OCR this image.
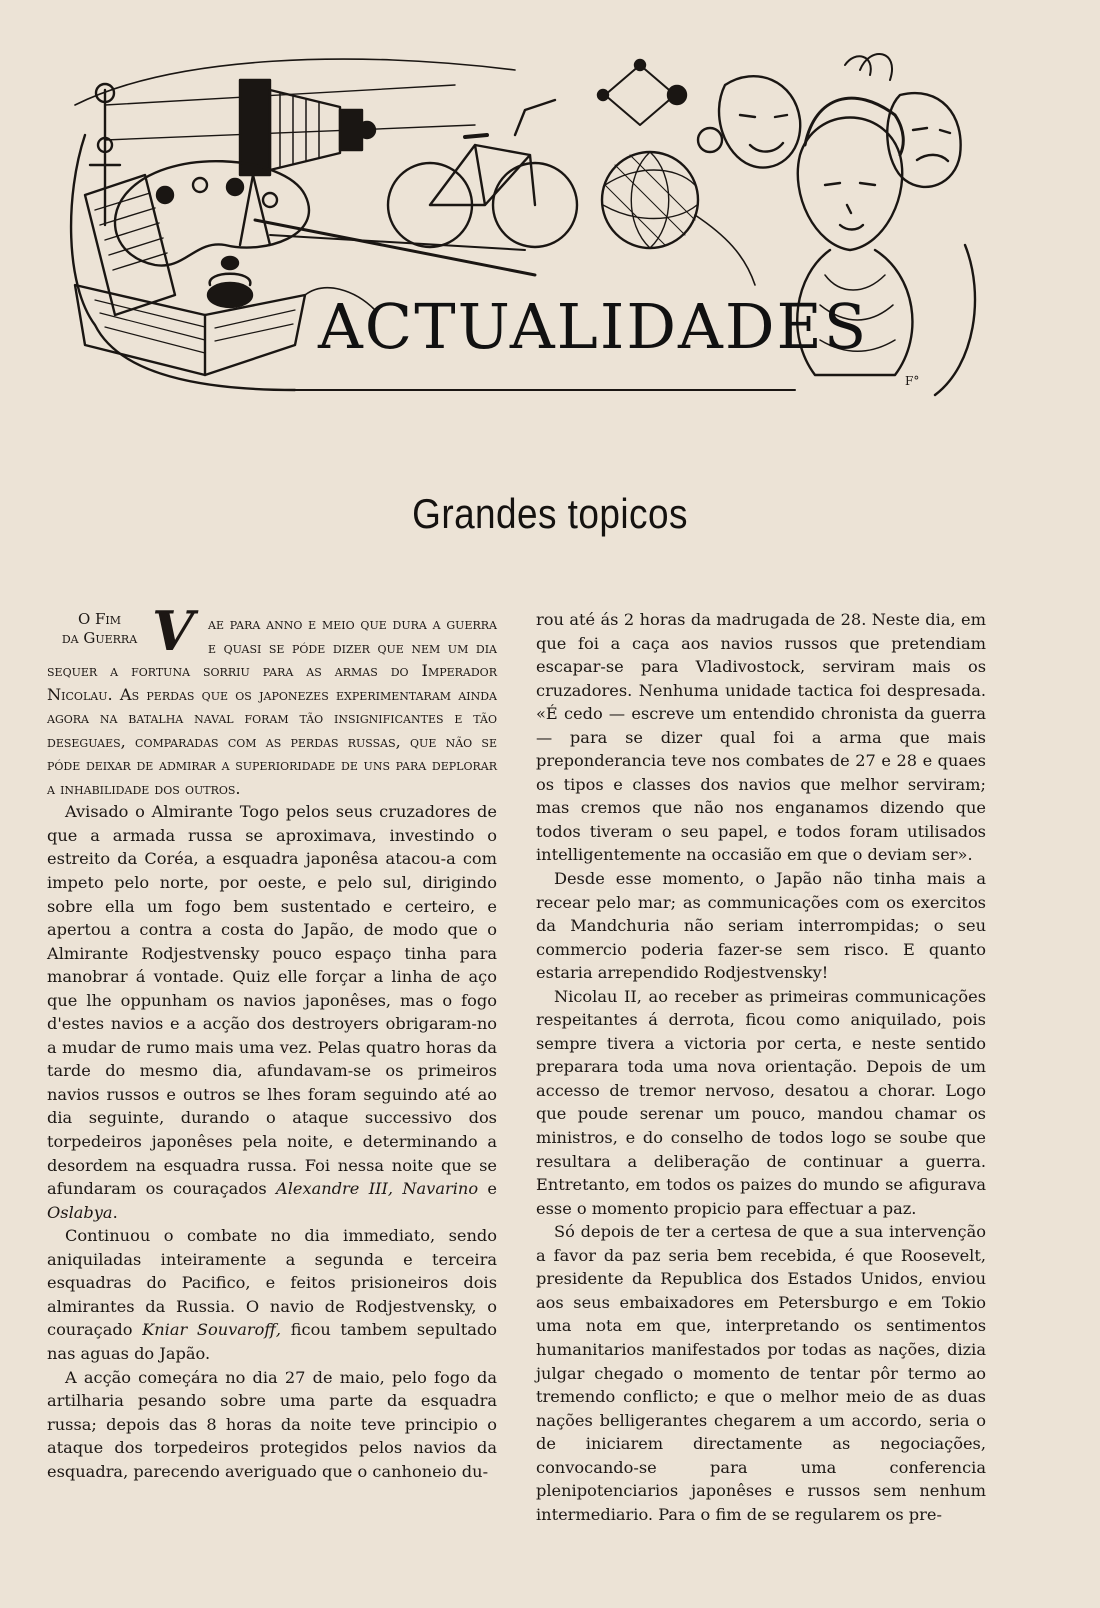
F°
ACTUALIDADES
Grandes topicos
O Fim
da Guerra V ae para anno e meio que dura a guerra e quasi se póde dizer que nem um dia sequer a fortuna sorriu para as armas do Imperador Nicolau. As perdas que os japonezes experimentaram ainda agora na batalha naval foram tão insignificantes e tão deseguaes, comparadas com as perdas russas, que não se póde deixar de admirar a superioridade de uns para deplorar a inhabilidade dos outros.

Avisado o Almirante Togo pelos seus cruzadores de que a armada russa se aproximava, investindo o estreito da Coréa, a esquadra japonêsa atacou-a com impeto pelo norte, por oeste, e pelo sul, dirigindo sobre ella um fogo bem sustentado e certeiro, e apertou a contra a costa do Japão, de modo que o Almirante Rodjestvensky pouco espaço tinha para manobrar á vontade. Quiz elle forçar a linha de aço que lhe oppunham os navios japonêses, mas o fogo d'estes navios e a acção dos destroyers obrigaram-no a mudar de rumo mais uma vez. Pelas quatro horas da tarde do mesmo dia, afundavam-se os primeiros navios russos e outros se lhes foram seguindo até ao dia seguinte, durando o ataque successivo dos torpedeiros japonêses pela noite, e determinando a desordem na esquadra russa. Foi nessa noite que se afundaram os couraçados Alexandre III, Navarino e Oslabya.

Continuou o combate no dia immediato, sendo aniquiladas inteiramente a segunda e terceira esquadras do Pacifico, e feitos prisioneiros dois almirantes da Russia. O navio de Rodjestvensky, o couraçado Kniar Souvaroff, ficou tambem sepultado nas aguas do Japão.

A acção começára no dia 27 de maio, pelo fogo da artilharia pesando sobre uma parte da esquadra russa; depois das 8 horas da noite teve principio o ataque dos torpedeiros protegidos pelos navios da esquadra, parecendo averiguado que o canhoneio du-

rou até ás 2 horas da madrugada de 28. Neste dia, em que foi a caça aos navios russos que pretendiam escapar-se para Vladivostock, serviram mais os cruzadores. Nenhuma unidade tactica foi despresada. «É cedo — escreve um entendido chronista da guerra — para se dizer qual foi a arma que mais preponderancia teve nos combates de 27 e 28 e quaes os tipos e classes dos navios que melhor serviram; mas cremos que não nos enganamos dizendo que todos tiveram o seu papel, e todos foram utilisados intelligentemente na occasião em que o deviam ser».

Desde esse momento, o Japão não tinha mais a recear pelo mar; as communicações com os exercitos da Mandchuria não seriam interrompidas; o seu commercio poderia fazer-se sem risco. E quanto estaria arrependido Rodjestvensky!

Nicolau II, ao receber as primeiras communicações respeitantes á derrota, ficou como aniquilado, pois sempre tivera a victoria por certa, e neste sentido preparara toda uma nova orientação. Depois de um accesso de tremor nervoso, desatou a chorar. Logo que poude serenar um pouco, mandou chamar os ministros, e do conselho de todos logo se soube que resultara a deliberação de continuar a guerra. Entretanto, em todos os paizes do mundo se afigurava esse o momento propicio para effectuar a paz.

Só depois de ter a certesa de que a sua intervenção a favor da paz seria bem recebida, é que Roosevelt, presidente da Republica dos Estados Unidos, enviou aos seus embaixadores em Petersburgo e em Tokio uma nota em que, interpretando os sentimentos humanitarios manifestados por todas as nações, dizia julgar chegado o momento de tentar pôr termo ao tremendo conflicto; e que o melhor meio de as duas nações belligerantes chegarem a um accordo, seria o de iniciarem directamente as negociações, convocando-se para uma conferencia plenipotenciarios japonêses e russos sem nenhum intermediario. Para o fim de se regularem os pre-
